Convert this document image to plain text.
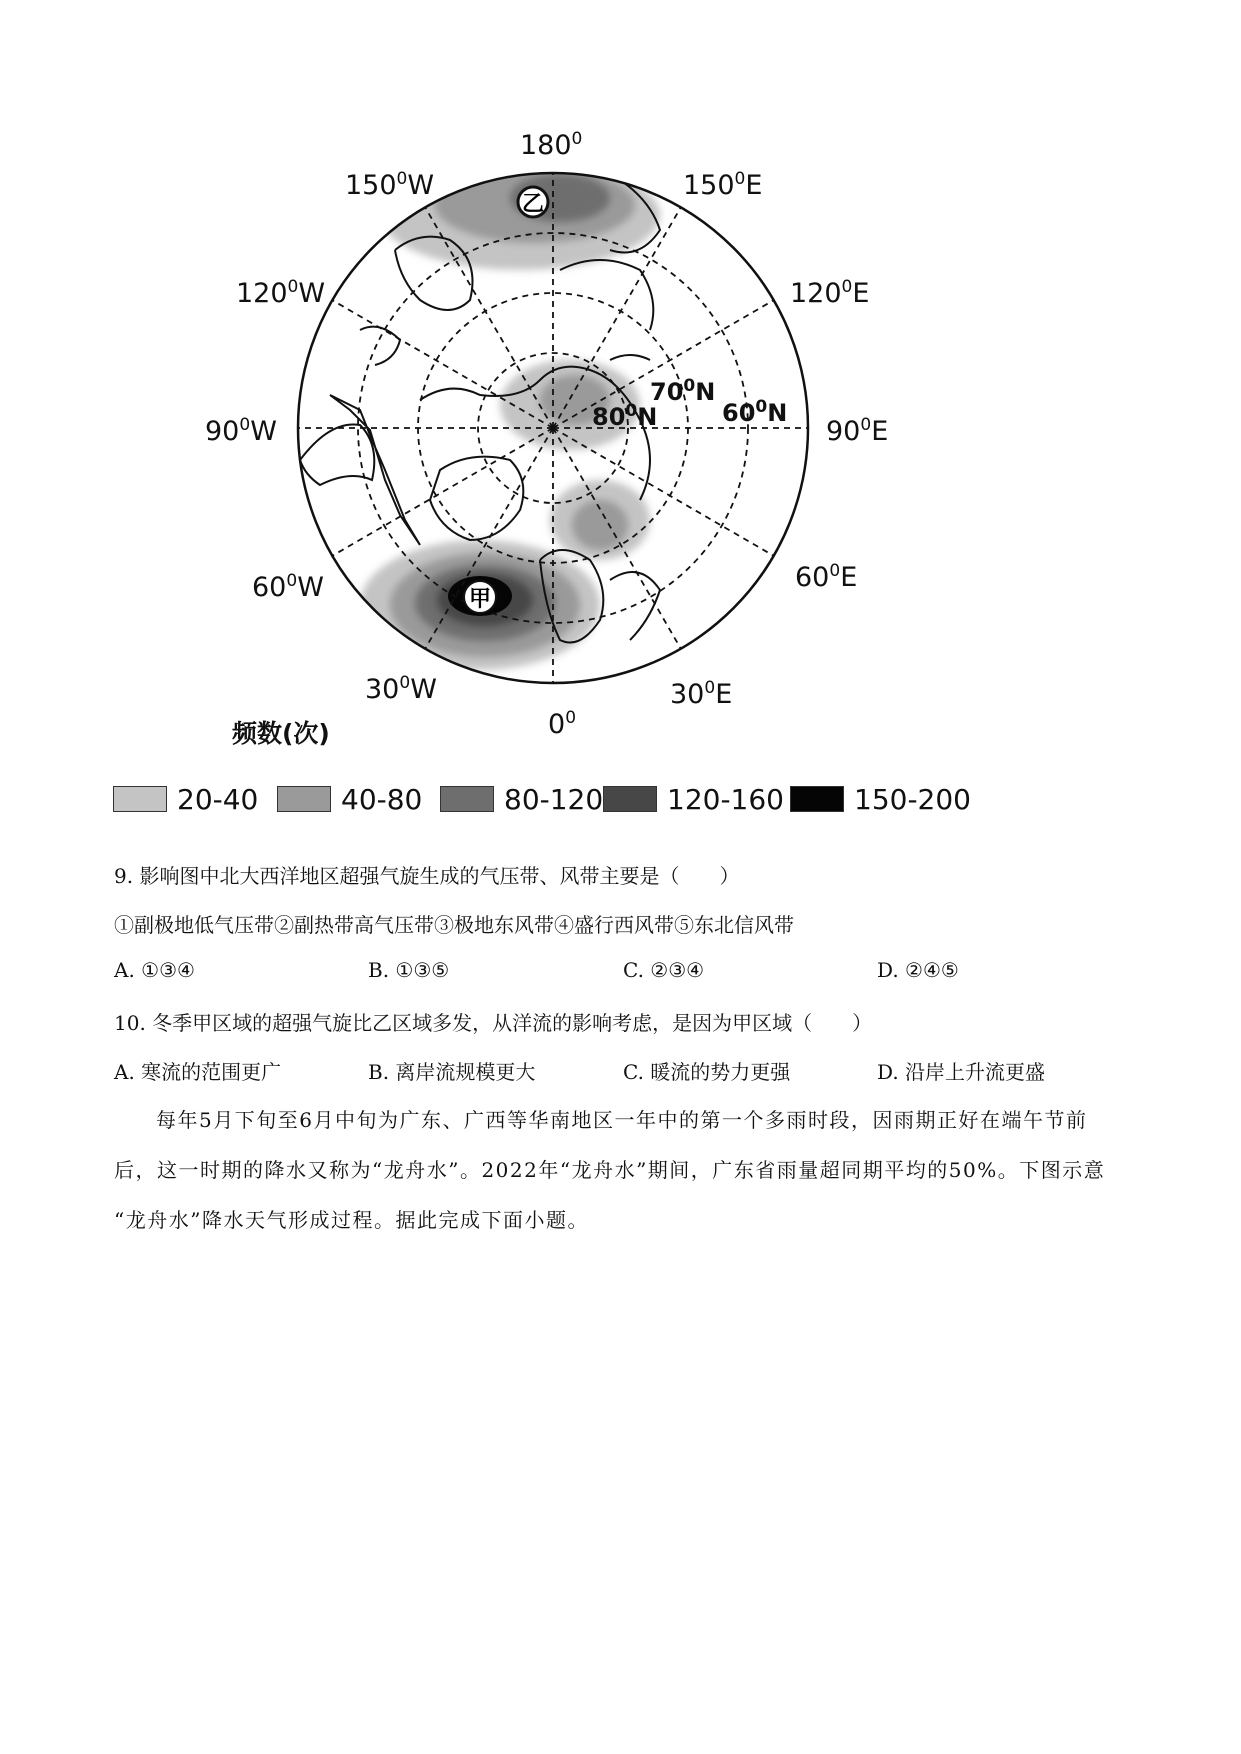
乙
甲
$180^0$
$150^0W$	$150^0E$
$120^0W$	$120^0E$
$90^0W$	$90^0E$
$60^0W$	$60^0E$
$30^0W$	$30^0E$
$0^0$
$70^0N$
$80^0N$	$60^0N$
频数(次)
20-40	40-80	80-120 120-160	150-200
9. 影响图中北大西洋地区超强气旋生成的气压带、风带主要是（　　）
①副极地低气压带②副热带高气压带③极地东风带④盛行西风带⑤东北信风带
A. ①③④	B. ①③⑤	C. ②③④	D. ②④⑤
10. 冬季甲区域的超强气旋比乙区域多发，从洋流的影响考虑，是因为甲区域（　　）
A. 寒流的范围更广	B. 离岸流规模更大	C. 暖流的势力更强	D. 沿岸上升流更盛
每年5月下旬至6月中旬为广东、广西等华南地区一年中的第一个多雨时段，因雨期正好在端午节前
后，这一时期的降水又称为“龙舟水”。2022年“龙舟水”期间，广东省雨量超同期平均的50%。下图示意
“龙舟水”降水天气形成过程。据此完成下面小题。
